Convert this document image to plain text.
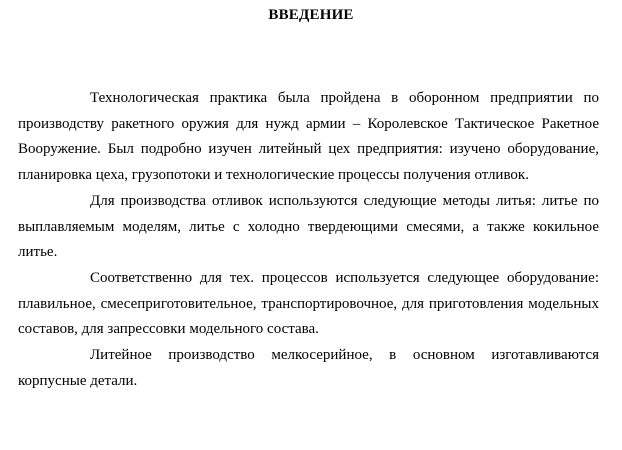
ВВЕДЕНИЕ

Технологическая практика была пройдена в оборонном предприятии по производству ракетного оружия для нужд армии – Королевское Тактическое Ракетное Вооружение. Был подробно изучен литейный цех предприятия: изучено оборудование, планировка цеха, грузопотоки и технологические процессы получения отливок.

Для производства отливок используются следующие методы литья: литье по выплавляемым моделям, литье с холодно твердеющими смесями, а также кокильное литье.

Соответственно для тех. процессов используется следующее оборудование: плавильное, смесеприготовительное, транспортировочное, для приготовления модельных составов, для запрессовки модельного состава.

Литейное производство мелкосерийное, в основном изготавливаются корпусные детали.
